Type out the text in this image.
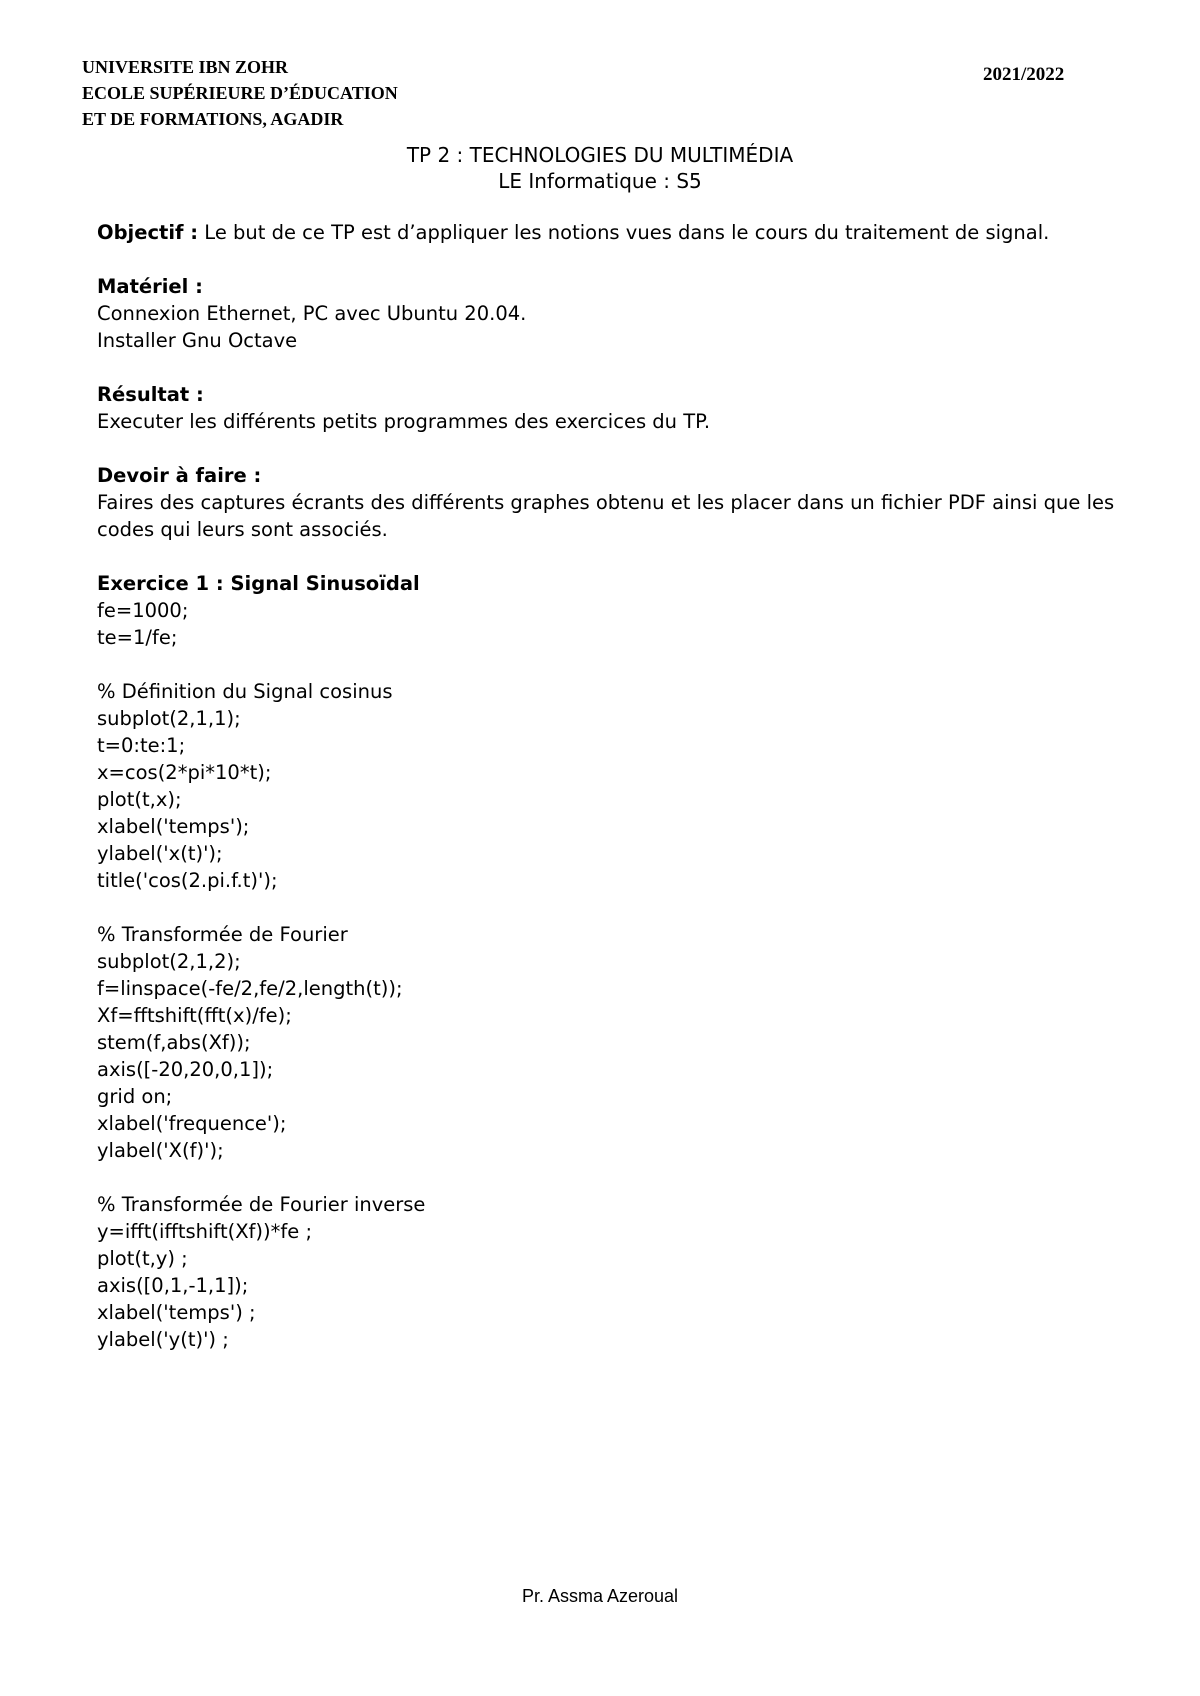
UNIVERSITE IBN ZOHR
ECOLE SUPÉRIEURE D’ÉDUCATION
ET DE FORMATIONS, AGADIR
2021/2022
TP 2 : TECHNOLOGIES DU MULTIMÉDIA
LE Informatique : S5
Objectif : Le but de ce TP est d’appliquer les notions vues dans le cours du traitement de signal.
Matériel :
Connexion Ethernet, PC avec Ubuntu 20.04.
Installer Gnu Octave
Résultat :
Executer les différents petits programmes des exercices du TP.
Devoir à faire :
Faires des captures écrants des différents graphes obtenu et les placer dans un fichier PDF ainsi que les codes qui leurs sont associés.
Exercice 1 : Signal Sinusoïdal
fe=1000;
te=1/fe;
% Définition du Signal cosinus
subplot(2,1,1);
t=0:te:1;
x=cos(2*pi*10*t);
plot(t,x);
xlabel('temps');
ylabel('x(t)');
title('cos(2.pi.f.t)');
% Transformée de Fourier
subplot(2,1,2);
f=linspace(-fe/2,fe/2,length(t));
Xf=fftshift(fft(x)/fe);
stem(f,abs(Xf));
axis([-20,20,0,1]);
grid on;
xlabel('frequence');
ylabel('X(f)');
% Transformée de Fourier inverse
y=ifft(ifftshift(Xf))*fe ;
plot(t,y) ;
axis([0,1,-1,1]);
xlabel('temps') ;
ylabel('y(t)') ;
Pr. Assma Azeroual
